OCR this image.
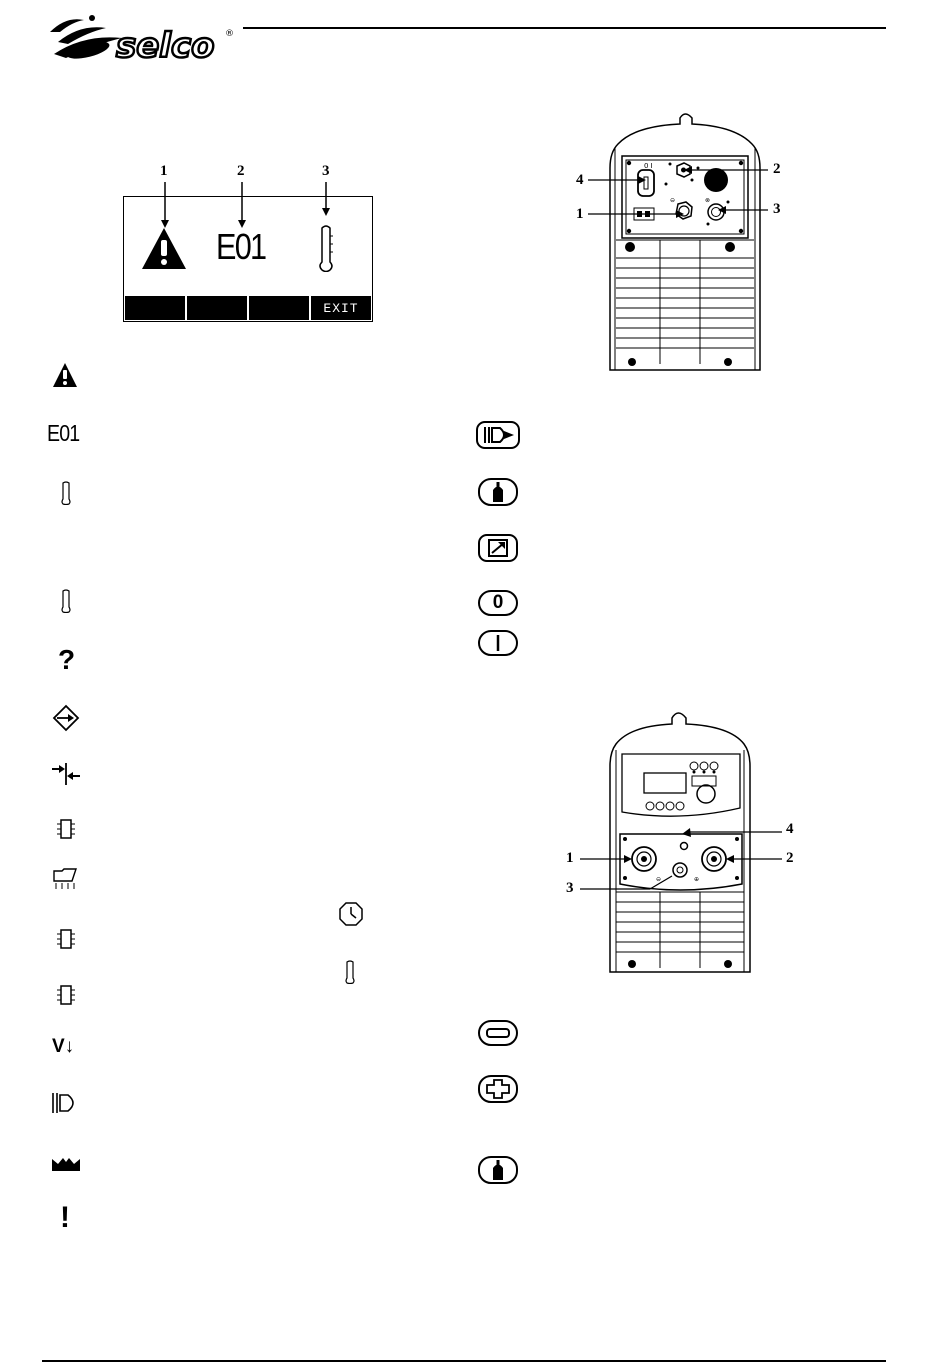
selco ®
1	2	3
E01
EXIT
E01
?
V↓
!
0 I
⊖	⊗
4
1
2
3
0
⊖	⊕
1	2
3
4
